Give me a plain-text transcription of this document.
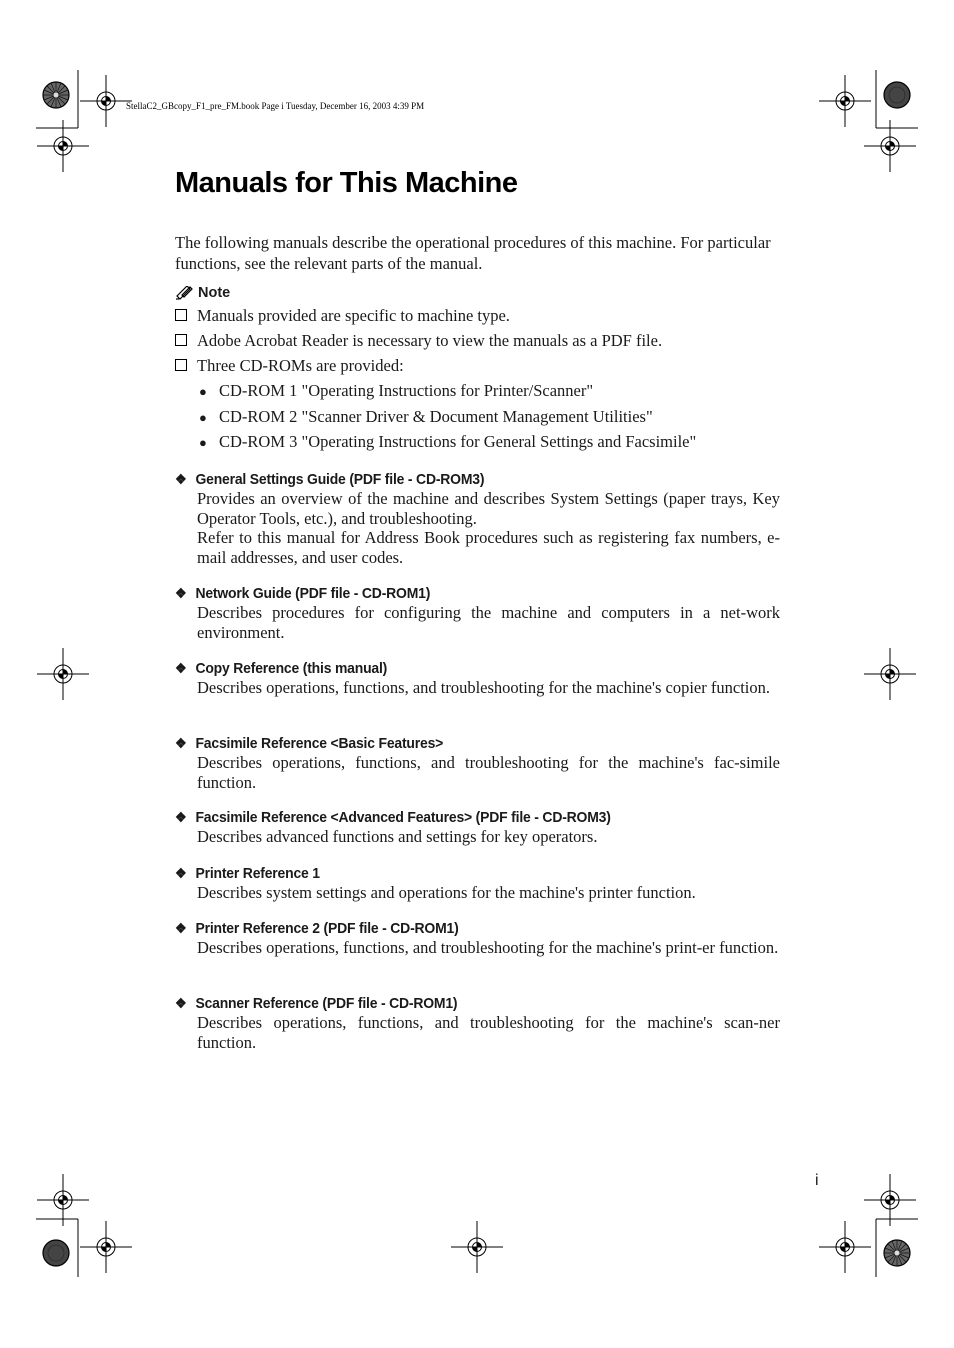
StellaC2_GBcopy_F1_pre_FM.book Page i Tuesday, December 16, 2003 4:39 PM
Manuals for This Machine

The following manuals describe the operational procedures of this machine. For particular functions, see the relevant parts of the manual.

Note
Manuals provided are specific to machine type.
Adobe Acrobat Reader is necessary to view the manuals as a PDF file.
Three CD-ROMs are provided:
● CD-ROM 1 "Operating Instructions for Printer/Scanner"
● CD-ROM 2 "Scanner Driver & Document Management Utilities"
● CD-ROM 3 "Operating Instructions for General Settings and Facsimile"
❖ General Settings Guide (PDF file - CD-ROM3)

Provides an overview of the machine and describes System Settings (paper trays, Key Operator Tools, etc.), and troubleshooting.

Refer to this manual for Address Book procedures such as registering fax numbers, e-mail addresses, and user codes.

❖ Network Guide (PDF file - CD-ROM1)

Describes procedures for configuring the machine and computers in a net-work environment.

❖ Copy Reference (this manual)

Describes operations, functions, and troubleshooting for the machine's copier function.

❖ Facsimile Reference <Basic Features>

Describes operations, functions, and troubleshooting for the machine's fac-simile function.

❖ Facsimile Reference <Advanced Features> (PDF file - CD-ROM3)

Describes advanced functions and settings for key operators.

❖ Printer Reference 1

Describes system settings and operations for the machine's printer function.

❖ Printer Reference 2 (PDF file - CD-ROM1)

Describes operations, functions, and troubleshooting for the machine's print-er function.

❖ Scanner Reference (PDF file - CD-ROM1)

Describes operations, functions, and troubleshooting for the machine's scan-ner function.

i
